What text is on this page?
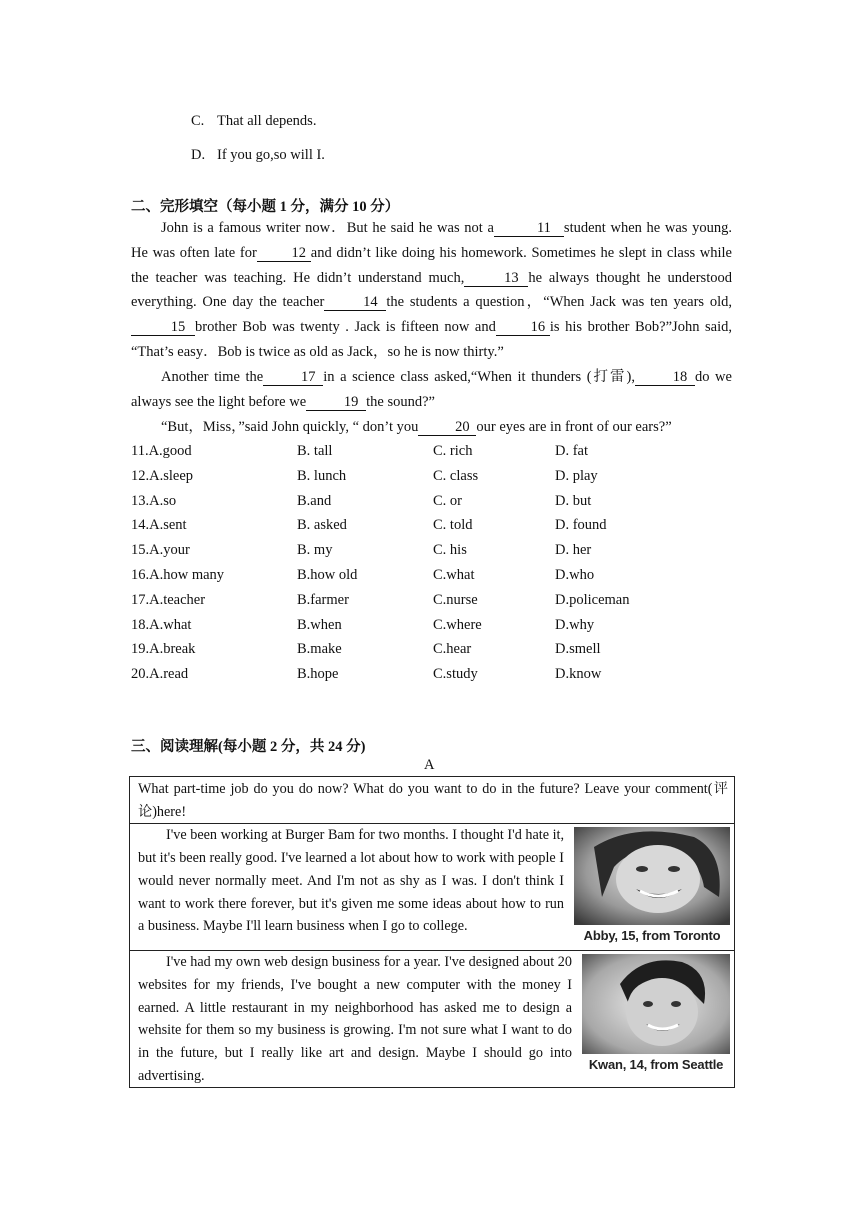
C. That all depends.
D. If you go,so will I.
二、完形填空（每小题 1 分，满分 10 分）
John is a famous writer now．But he said he was not a	11 student when he was young. He was often late for 12 and didn’t like doing his homework. Sometimes he slept in class while the teacher was teaching. He didn’t understand much,	13 he always thought he understood everything. One day the teacher	14 the students a question，“When Jack was ten years old,15 brother Bob was twenty . Jack is fifteen now and 16 is his brother Bob?”John said, “That’s easy．Bob is twice as old as Jack，so he is now thirty.”
Another time the	17 in a science class asked,“When it thunders (打雷),	18 do we always see the light before we	19 the sound?”
“But，Miss，”said John quickly, “ don’t you	20 our eyes are in front of our ears?”
11.A.good	B. tall	C. rich	D. fat
12.A.sleep	B. lunch	C. class	D. play
13.A.so	B.and	C. or	D. but
14.A.sent	B. asked	C. told	D. found
15.A.your	B. my	C. his	D. her
16.A.how many	B.how old	C.what	D.who
17.A.teacher	B.farmer	C.nurse	D.policeman
18.A.what	B.when	C.where	D.why
19.A.break	B.make	C.hear	D.smell
20.A.read	B.hope	C.study	D.know
三、阅读理解(每小题 2 分，共 24 分)
A
What part-time job do you do now? What do you want to do in the future? Leave your comment(评论)here!

Abby, 15, from Toronto
I've been working at Burger Bam for two months. I thought I'd hate it, but it's been really good. I've learned a lot about how to work with people I would never normally meet. And I'm not as shy as I was. I don't think I want to work there forever, but it's given me some ideas about how to run a business. Maybe I'll learn business when I go to college.

Kwan, 14, from Seattle
I've had my own web design business for a year. I've designed about 20 websites for my friends, I've bought a new computer with the money I earned. A little restaurant in my neighborhood has asked me to design a wehsite for them so my business is growing. I'm not sure what I want to do in the future, but I really like art and design. Maybe I should go into advertising.
